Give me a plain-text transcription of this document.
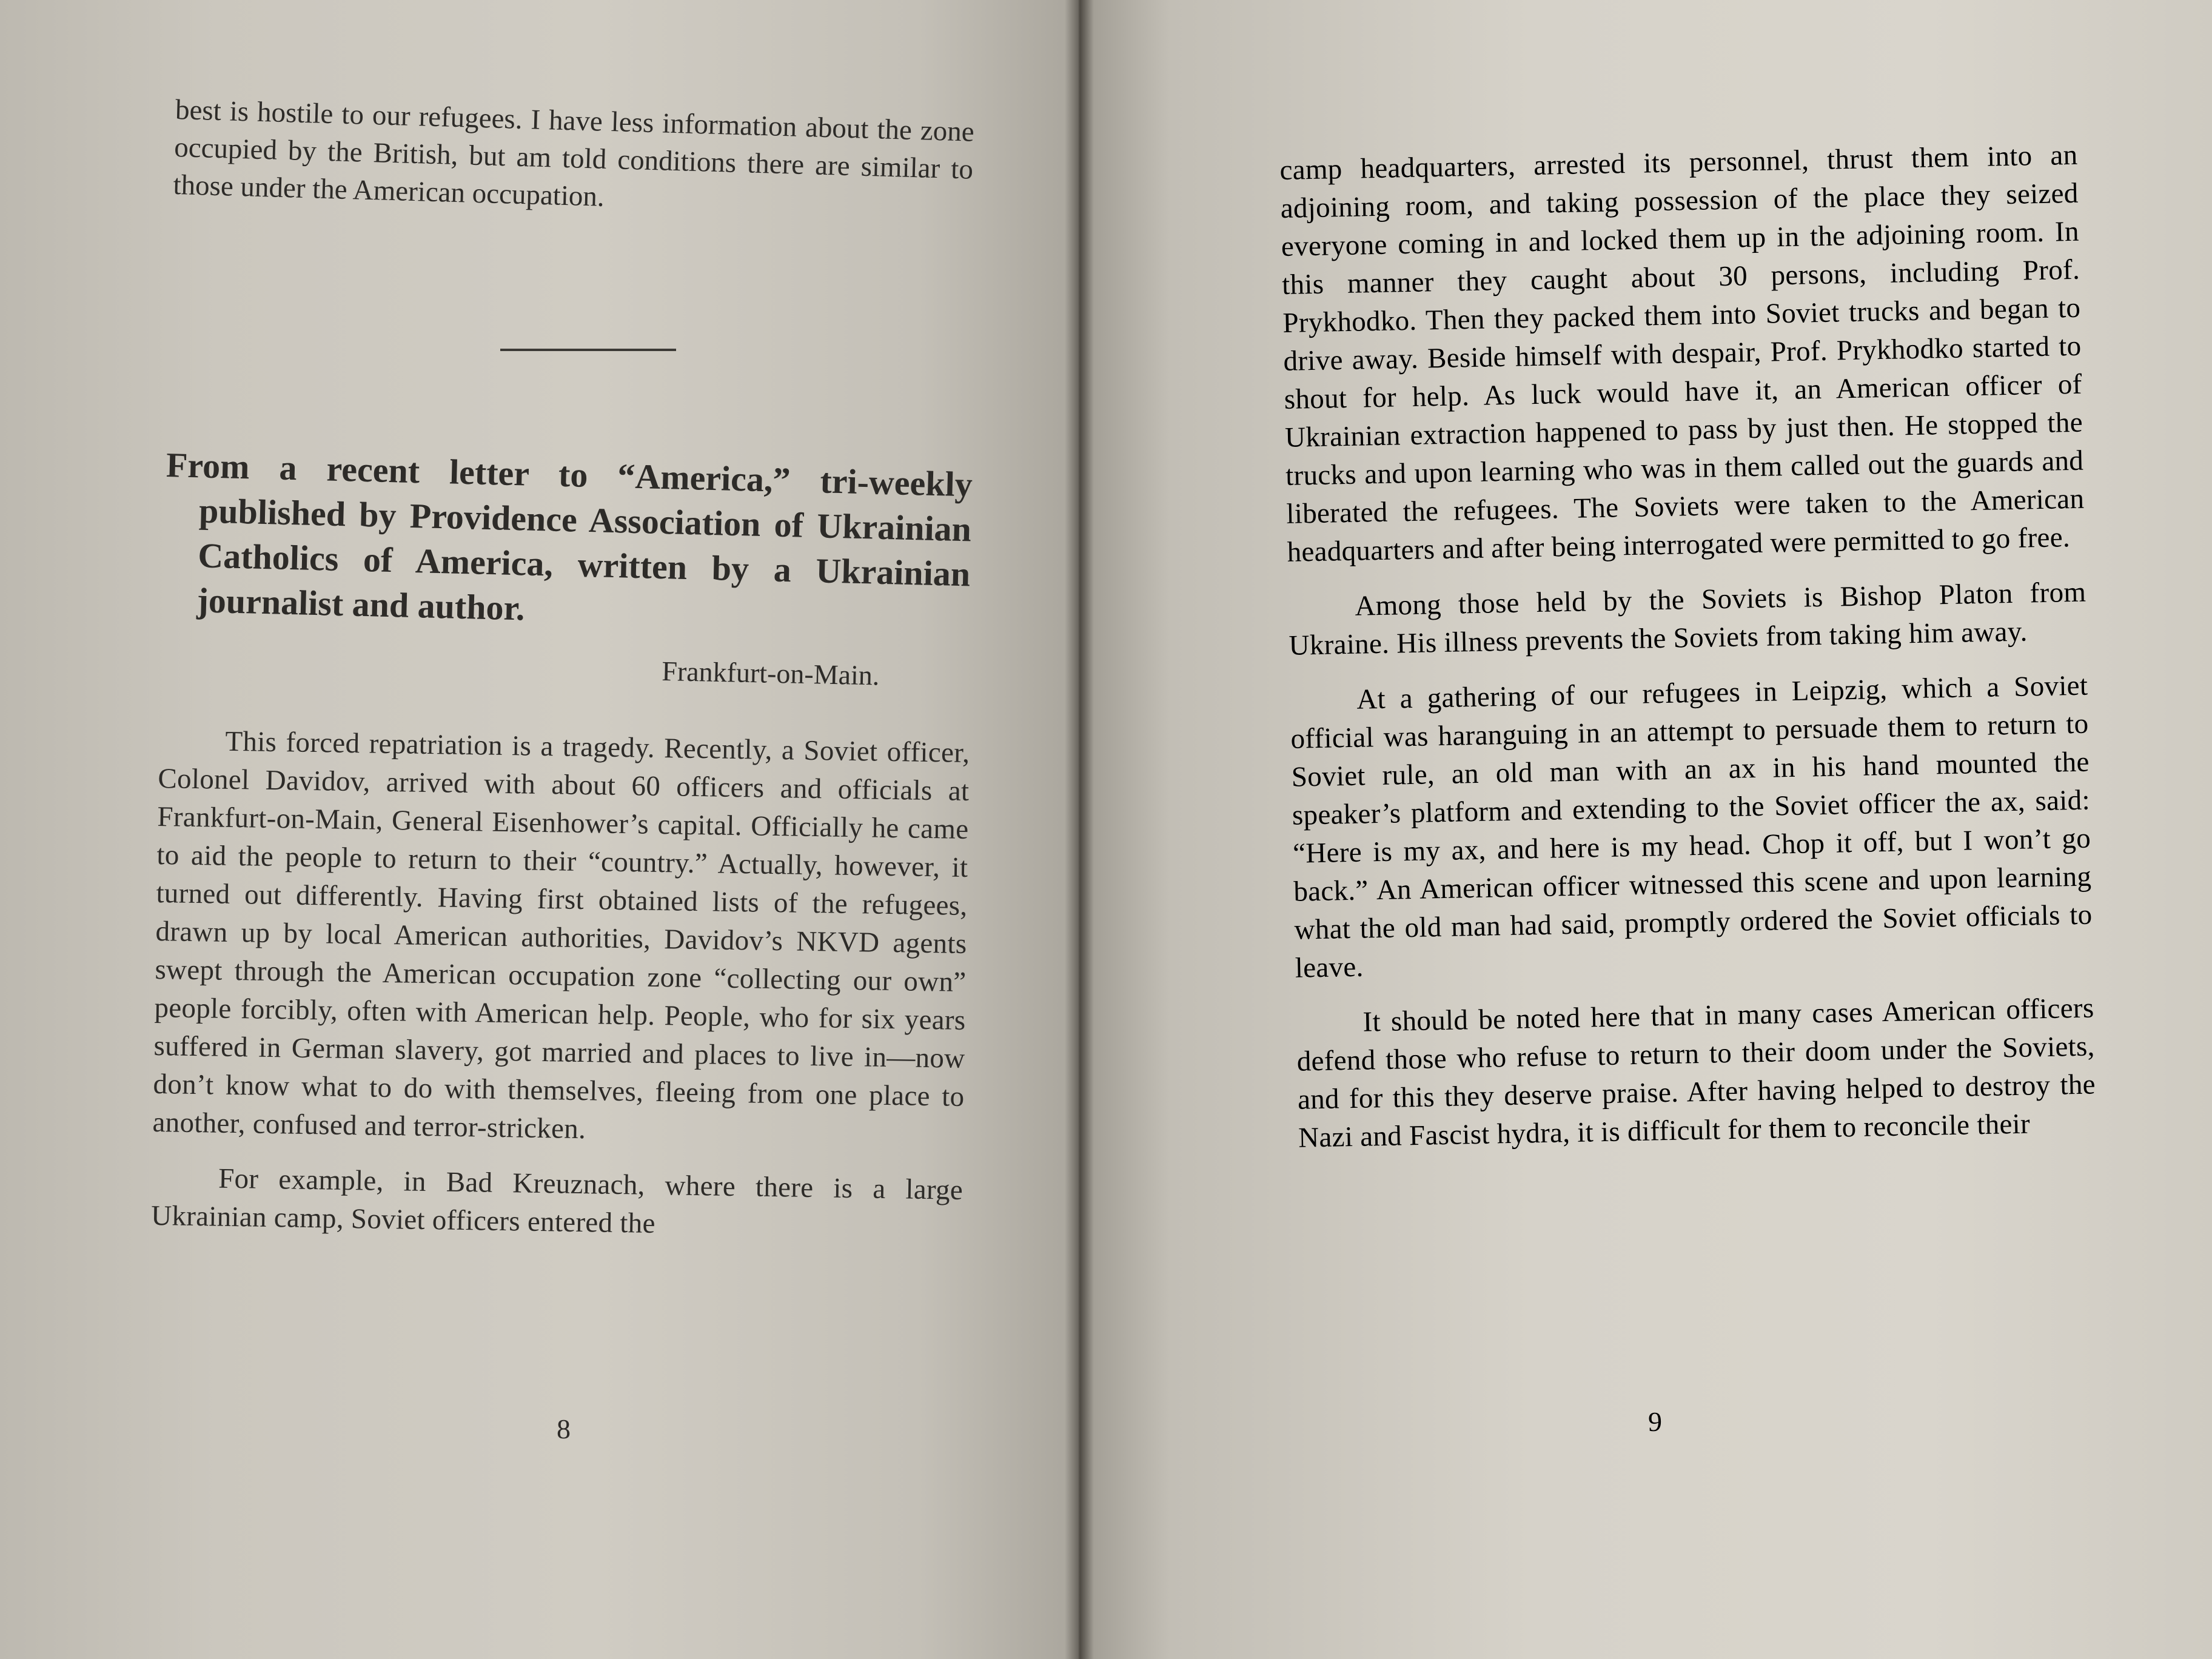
best is hostile to our refugees. I have less information about the zone occupied by the British, but am told conditions there are similar to those under the American occupation.

From a recent letter to “America,” tri-weekly published by Providence Association of Ukrainian Catholics of America, written by a Ukrainian journalist and author.
Frankfurt-on-Main.

This forced repatriation is a tragedy. Recently, a Soviet officer, Colonel Davidov, arrived with about 60 officers and officials at Frankfurt-on-Main, General Eisenhower’s capital. Officially he came to aid the people to return to their “country.” Actually, however, it turned out differently. Having first obtained lists of the refugees, drawn up by local American authorities, Davidov’s NKVD agents swept through the American occupation zone “collecting our own” people forcibly, often with American help. People, who for six years suffered in German slavery, got married and places to live in—now don’t know what to do with themselves, fleeing from one place to another, confused and terror-stricken.

For example, in Bad Kreuznach, where there is a large Ukrainian camp, Soviet officers entered the

8

camp headquarters, arrested its personnel, thrust them into an adjoining room, and taking possession of the place they seized everyone coming in and locked them up in the adjoining room. In this manner they caught about 30 persons, including Prof. Prykhodko. Then they packed them into Soviet trucks and began to drive away. Beside himself with despair, Prof. Prykhodko started to shout for help. As luck would have it, an American officer of Ukrainian extraction happened to pass by just then. He stopped the trucks and upon learning who was in them called out the guards and liberated the refugees. The Soviets were taken to the American headquarters and after being interrogated were permitted to go free.

Among those held by the Soviets is Bishop Platon from Ukraine. His illness prevents the Soviets from taking him away.

At a gathering of our refugees in Leipzig, which a Soviet official was haranguing in an attempt to persuade them to return to Soviet rule, an old man with an ax in his hand mounted the speaker’s platform and extending to the Soviet officer the ax, said: “Here is my ax, and here is my head. Chop it off, but I won’t go back.” An American officer witnessed this scene and upon learning what the old man had said, promptly ordered the Soviet officials to leave.

It should be noted here that in many cases American officers defend those who refuse to return to their doom under the Soviets, and for this they deserve praise. After having helped to destroy the Nazi and Fascist hydra, it is difficult for them to reconcile their

9
